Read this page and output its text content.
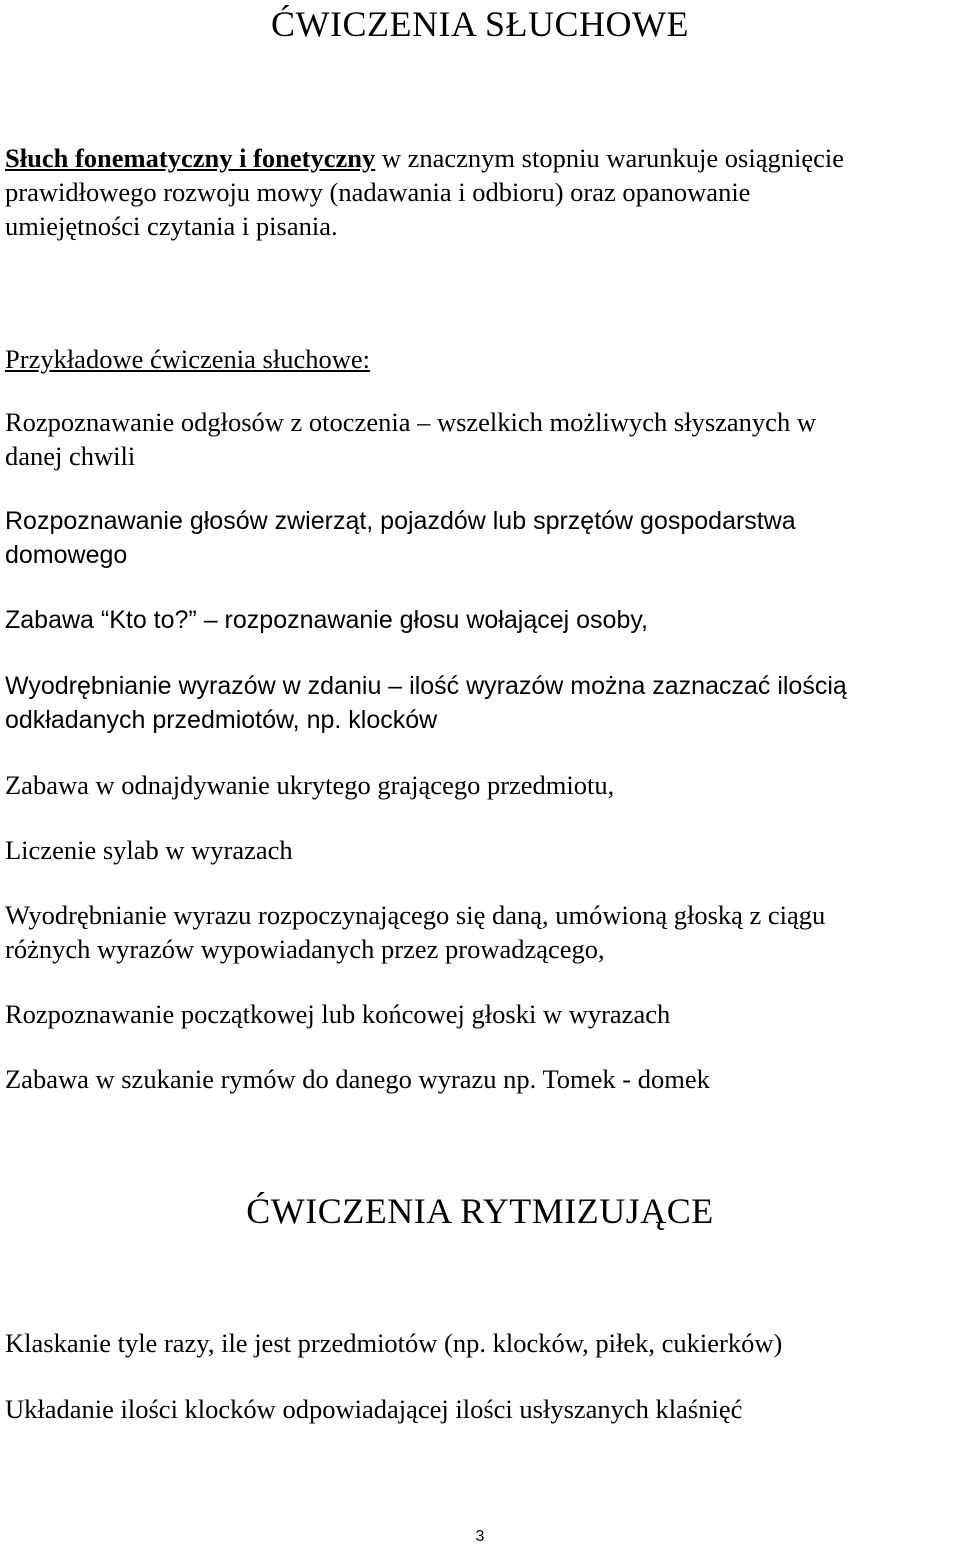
ĆWICZENIA SŁUCHOWE
Słuch fonematyczny i fonetyczny w znacznym stopniu warunkuje osiągnięcie
prawidłowego rozwoju mowy (nadawania i odbioru) oraz opanowanie
umiejętności czytania i pisania.
Przykładowe ćwiczenia słuchowe:
Rozpoznawanie odgłosów z otoczenia – wszelkich możliwych słyszanych w
danej chwili
Rozpoznawanie głosów zwierząt, pojazdów lub sprzętów gospodarstwa
domowego
Zabawa “Kto to?” – rozpoznawanie głosu wołającej osoby,
Wyodrębnianie wyrazów w zdaniu – ilość wyrazów można zaznaczać ilością
odkładanych przedmiotów, np. klocków
Zabawa w odnajdywanie ukrytego grającego przedmiotu,
Liczenie sylab w wyrazach
Wyodrębnianie wyrazu rozpoczynającego się daną, umówioną głoską z ciągu
różnych wyrazów wypowiadanych przez prowadzącego,
Rozpoznawanie początkowej lub końcowej głoski w wyrazach
Zabawa w szukanie rymów do danego wyrazu np. Tomek - domek
ĆWICZENIA RYTMIZUJĄCE
Klaskanie tyle razy, ile jest przedmiotów (np. klocków, piłek, cukierków)
Układanie ilości klocków odpowiadającej ilości usłyszanych klaśnięć
3
